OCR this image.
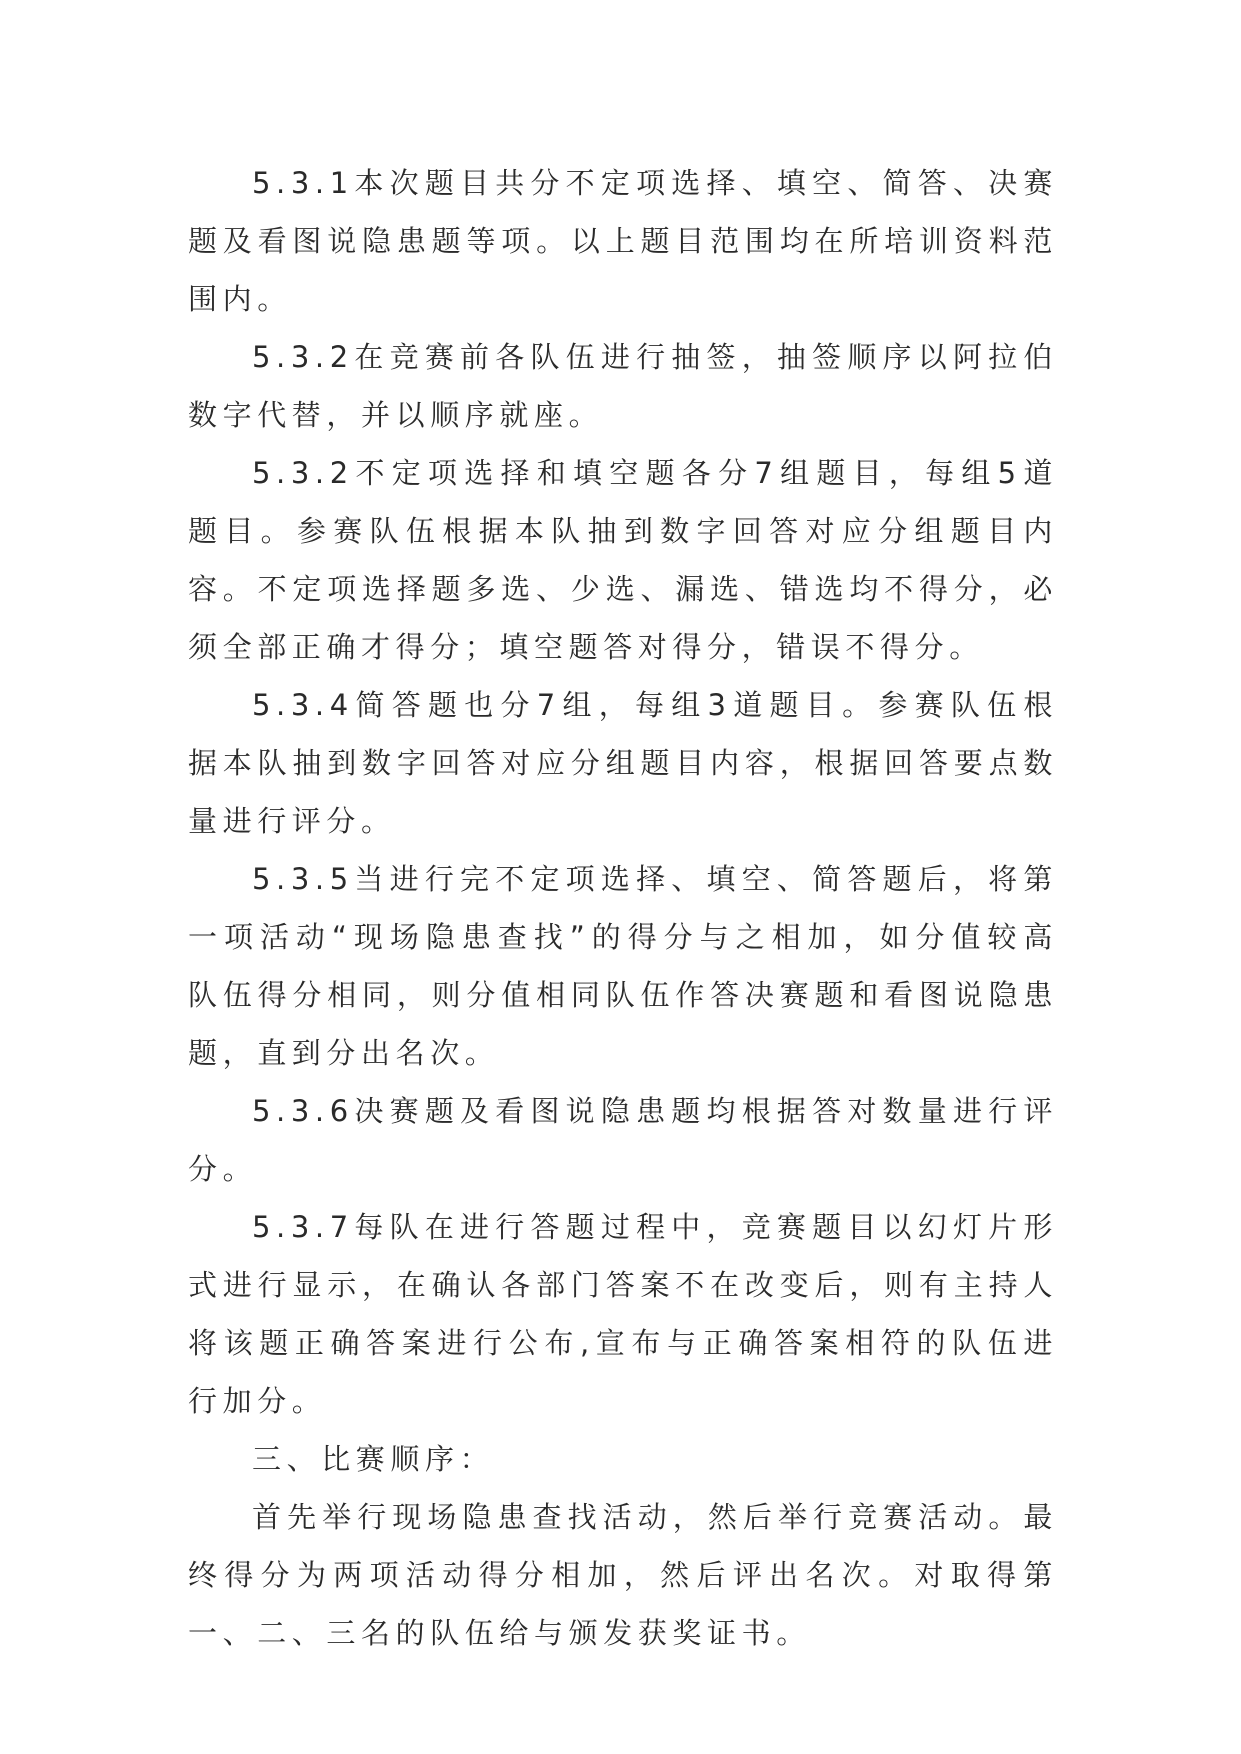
5.3.1本次题目共分不定项选择、填空、简答、决赛题及看图说隐患题等项。以上题目范围均在所培训资料范围内。

5.3.2在竞赛前各队伍进行抽签，抽签顺序以阿拉伯数字代替，并以顺序就座。

5.3.2不定项选择和填空题各分7组题目，每组5道题目。参赛队伍根据本队抽到数字回答对应分组题目内容。不定项选择题多选、少选、漏选、错选均不得分，必须全部正确才得分；填空题答对得分，错误不得分。

5.3.4简答题也分7组，每组3道题目。参赛队伍根据本队抽到数字回答对应分组题目内容，根据回答要点数量进行评分。

5.3.5当进行完不定项选择、填空、简答题后，将第一项活动“现场隐患查找”的得分与之相加，如分值较高队伍得分相同，则分值相同队伍作答决赛题和看图说隐患题，直到分出名次。

5.3.6决赛题及看图说隐患题均根据答对数量进行评分。

5.3.7每队在进行答题过程中，竞赛题目以幻灯片形式进行显示，在确认各部门答案不在改变后，则有主持人将该题正确答案进行公布,宣布与正确答案相符的队伍进行加分。

三、比赛顺序：

首先举行现场隐患查找活动，然后举行竞赛活动。最终得分为两项活动得分相加，然后评出名次。对取得第一、二、三名的队伍给与颁发获奖证书。
